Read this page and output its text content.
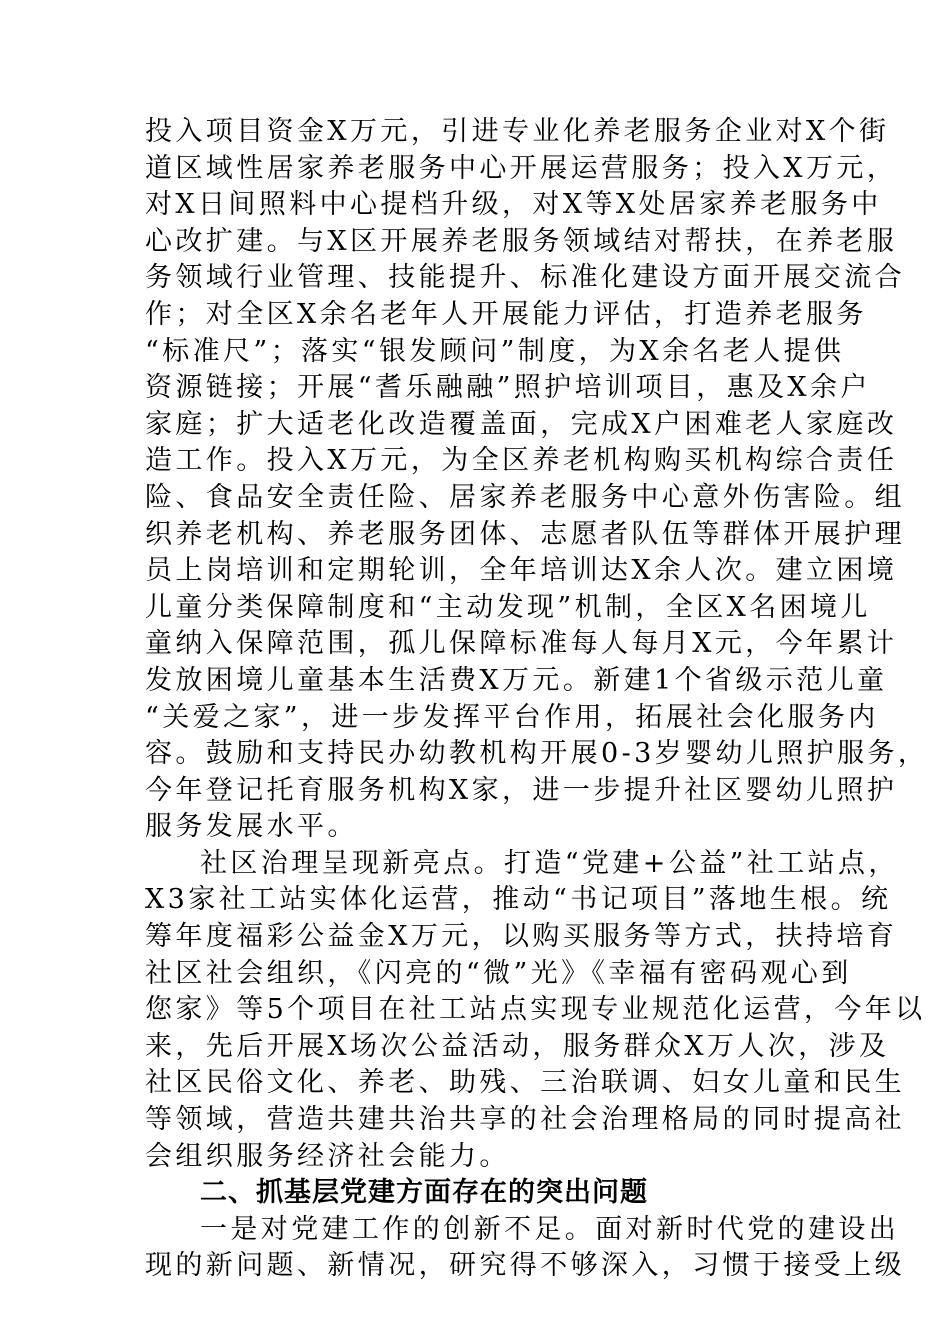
投入项目资金X万元，引进专业化养老服务企业对X个街
道区域性居家养老服务中心开展运营服务；投入X万元，
对X日间照料中心提档升级，对X等X处居家养老服务中
心改扩建。与X区开展养老服务领域结对帮扶，在养老服
务领域行业管理、技能提升、标准化建设方面开展交流合
作；对全区X余名老年人开展能力评估，打造养老服务
“标准尺”；落实“银发顾问”制度，为X余名老人提供
资源链接；开展“耆乐融融”照护培训项目，惠及X余户
家庭；扩大适老化改造覆盖面，完成X户困难老人家庭改
造工作。投入X万元，为全区养老机构购买机构综合责任
险、食品安全责任险、居家养老服务中心意外伤害险。组
织养老机构、养老服务团体、志愿者队伍等群体开展护理
员上岗培训和定期轮训，全年培训达X余人次。建立困境
儿童分类保障制度和“主动发现”机制，全区X名困境儿
童纳入保障范围，孤儿保障标准每人每月X元，今年累计
发放困境儿童基本生活费X万元。新建1个省级示范儿童
“关爱之家”，进一步发挥平台作用，拓展社会化服务内
容。鼓励和支持民办幼教机构开展0-3岁婴幼儿照护服务，
今年登记托育服务机构X家，进一步提升社区婴幼儿照护
服务发展水平。
社区治理呈现新亮点。打造“党建+公益”社工站点，
X3家社工站实体化运营，推动“书记项目”落地生根。统
筹年度福彩公益金X万元，以购买服务等方式，扶持培育
社区社会组织，《闪亮的“微”光》《幸福有密码观心到
您家》等5个项目在社工站点实现专业规范化运营，今年以
来，先后开展X场次公益活动，服务群众X万人次，涉及
社区民俗文化、养老、助残、三治联调、妇女儿童和民生
等领域，营造共建共治共享的社会治理格局的同时提高社
会组织服务经济社会能力。
二、抓基层党建方面存在的突出问题
一是对党建工作的创新不足。面对新时代党的建设出
现的新问题、新情况，研究得不够深入，习惯于接受上级
